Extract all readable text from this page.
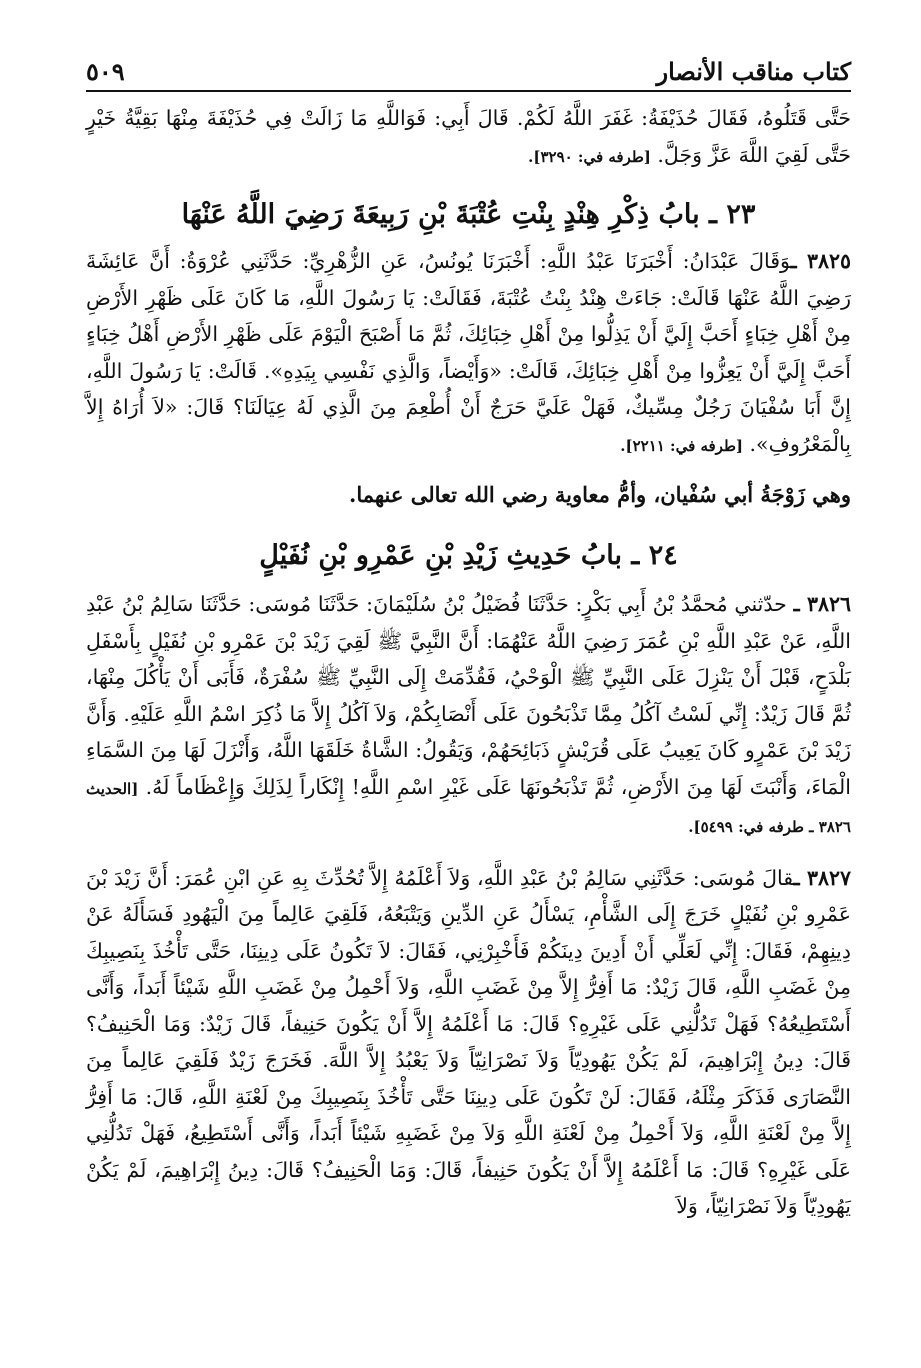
كتاب مناقب الأنصار
٥٠٩

حَتَّى قَتَلُوهُ، فَقَالَ حُذَيْفَةُ: غَفَرَ اللَّهُ لَكُمْ. قَالَ أَبِي: فَوَاللَّهِ مَا زَالَتْ فِي حُذَيْفَةَ مِنْهَا بَقِيَّةُ خَيْرٍ حَتَّى لَقِيَ اللَّهَ عَزَّ وَجَلَّ. [طرفه في: ٣٢٩٠].

٢٣ ـ بابُ ذِكْرِ هِنْدٍ بِنْتِ عُتْبَةَ بْنِ رَبِيعَةَ رَضِيَ اللَّهُ عَنْهَا

٣٨٢٥ ـوَقَالَ عَبْدَانُ: أَخْبَرَنَا عَبْدُ اللَّهِ: أَخْبَرَنَا يُونُسُ، عَنِ الزُّهْرِيِّ: حَدَّثَنِي عُرْوَةُ: أَنَّ عَائِشَةَ رَضِيَ اللَّهُ عَنْهَا قَالَتْ: جَاءَتْ هِنْدُ بِنْتُ عُتْبَةَ، فَقَالَتْ: يَا رَسُولَ اللَّهِ، مَا كَانَ عَلَى ظَهْرِ الأَرْضِ مِنْ أَهْلِ خِبَاءٍ أَحَبَّ إِلَيَّ أَنْ يَذِلُّوا مِنْ أَهْلِ خِبَائِكَ، ثُمَّ مَا أَصْبَحَ الْيَوْمَ عَلَى ظَهْرِ الأَرْضِ أَهْلُ خِبَاءٍ أَحَبَّ إِلَيَّ أَنْ يَعِزُّوا مِنْ أَهْلِ خِبَائِكَ، قَالَتْ: «وَأَيْضاً، وَالَّذِي نَفْسِي بِيَدِهِ». قَالَتْ: يَا رَسُولَ اللَّهِ، إِنَّ أَبَا سُفْيَانَ رَجُلٌ مِسِّيكٌ، فَهَلْ عَلَيَّ حَرَجٌ أَنْ أُطْعِمَ مِنَ الَّذِي لَهُ عِيَالَنَا؟ قَالَ: «لاَ أُرَاهُ إِلاَّ بِالْمَعْرُوفِ». [طرفه في: ٢٢١١].

وهي زَوْجَةُ أبي سُفْيان، وأمُّ معاوية رضي الله تعالى عنهما.

٢٤ ـ بابُ حَدِيثِ زَيْدِ بْنِ عَمْرِو بْنِ نُفَيْلٍ

٣٨٢٦ ـ حدّثني مُحمَّدُ بْنُ أَبِي بَكْرٍ: حَدَّثَنَا فُضَيْلُ بْنُ سُلَيْمَانَ: حَدَّثَنَا مُوسَى: حَدَّثَنَا سَالِمُ بْنُ عَبْدِ اللَّهِ، عَنْ عَبْدِ اللَّهِ بْنِ عُمَرَ رَضِيَ اللَّهُ عَنْهُمَا: أَنَّ النَّبِيَّ ﷺ لَقِيَ زَيْدَ بْنَ عَمْرِو بْنِ نُفَيْلٍ بِأَسْفَلِ بَلْدَحٍ، قَبْلَ أَنْ يَنْزِلَ عَلَى النَّبِيِّ ﷺ الْوَحْيُ، فَقُدِّمَتْ إِلَى النَّبِيِّ ﷺ سُفْرَةٌ، فَأَبَى أَنْ يَأْكُلَ مِنْهَا، ثُمَّ قَالَ زَيْدٌ: إِنِّي لَسْتُ آكُلُ مِمَّا تَذْبَحُونَ عَلَى أَنْصَابِكُمْ، وَلاَ آكُلُ إِلاَّ مَا ذُكِرَ اسْمُ اللَّهِ عَلَيْهِ. وَأَنَّ زَيْدَ بْنَ عَمْرٍو كَانَ يَعِيبُ عَلَى قُرَيْشٍ ذَبَائِحَهُمْ، وَيَقُولُ: الشَّاةُ خَلَقَهَا اللَّهُ، وَأَنْزَلَ لَهَا مِنَ السَّمَاءِ الْمَاءَ، وَأَنْبَتَ لَهَا مِنَ الأَرْضِ، ثُمَّ تَذْبَحُونَهَا عَلَى غَيْرِ اسْمِ اللَّهِ! إِنْكَاراً لِذَلِكَ وَإِعْظَاماً لَهُ. [الحديث ٣٨٢٦ ـ طرفه في: ٥٤٩٩].

٣٨٢٧ ـقالَ مُوسَى: حَدَّثَنِي سَالِمُ بْنُ عَبْدِ اللَّهِ، وَلاَ أَعْلَمُهُ إِلاَّ تُحُدِّثَ بِهِ عَنِ ابْنِ عُمَرَ: أَنَّ زَيْدَ بْنَ عَمْرِو بْنِ نُفَيْلٍ خَرَجَ إِلَى الشَّأْمِ، يَسْأَلُ عَنِ الدِّينِ وَيَتْبَعُهُ، فَلَقِيَ عَالِماً مِنَ الْيَهُودِ فَسَأَلَهُ عَنْ دِينِهِمْ، فَقَالَ: إِنِّي لَعَلِّي أَنْ أَدِينَ دِينَكُمْ فَأَخْبِرْنِي، فَقَالَ: لاَ تَكُونُ عَلَى دِينِنَا، حَتَّى تَأْخُذَ بِنَصِيبِكَ مِنْ غَضَبِ اللَّهِ، قَالَ زَيْدٌ: مَا أَفِرُّ إِلاَّ مِنْ غَضَبِ اللَّهِ، وَلاَ أَحْمِلُ مِنْ غَضَبِ اللَّهِ شَيْئاً أَبَداً، وَأَنَّى أَسْتَطِيعُهُ؟ فَهَلْ تَدُلُّنِي عَلَى غَيْرِهِ؟ قَالَ: مَا أَعْلَمُهُ إِلاَّ أَنْ يَكُونَ حَنِيفاً، قَالَ زَيْدٌ: وَمَا الْحَنِيفُ؟ قَالَ: دِينُ إِبْرَاهِيمَ، لَمْ يَكُنْ يَهُودِيّاً وَلاَ نَصْرَانِيّاً وَلاَ يَعْبُدُ إِلاَّ اللَّهَ. فَخَرَجَ زَيْدٌ فَلَقِيَ عَالِماً مِنَ النَّصَارَى فَذَكَرَ مِثْلَهُ، فَقَالَ: لَنْ تَكُونَ عَلَى دِينِنَا حَتَّى تَأْخُذَ بِنَصِيبِكَ مِنْ لَعْنَةِ اللَّهِ، قَالَ: مَا أَفِرُّ إِلاَّ مِنْ لَعْنَةِ اللَّهِ، وَلاَ أَحْمِلُ مِنْ لَعْنَةِ اللَّهِ وَلاَ مِنْ غَضَبِهِ شَيْئاً أَبَداً، وَأَنَّى أَسْتَطِيعُ، فَهَلْ تَدُلُّنِي عَلَى غَيْرِهِ؟ قَالَ: مَا أَعْلَمُهُ إِلاَّ أَنْ يَكُونَ حَنِيفاً، قَالَ: وَمَا الْحَنِيفُ؟ قَالَ: دِينُ إِبْرَاهِيمَ، لَمْ يَكُنْ يَهُودِيّاً وَلاَ نَصْرَانِيّاً، وَلاَ
